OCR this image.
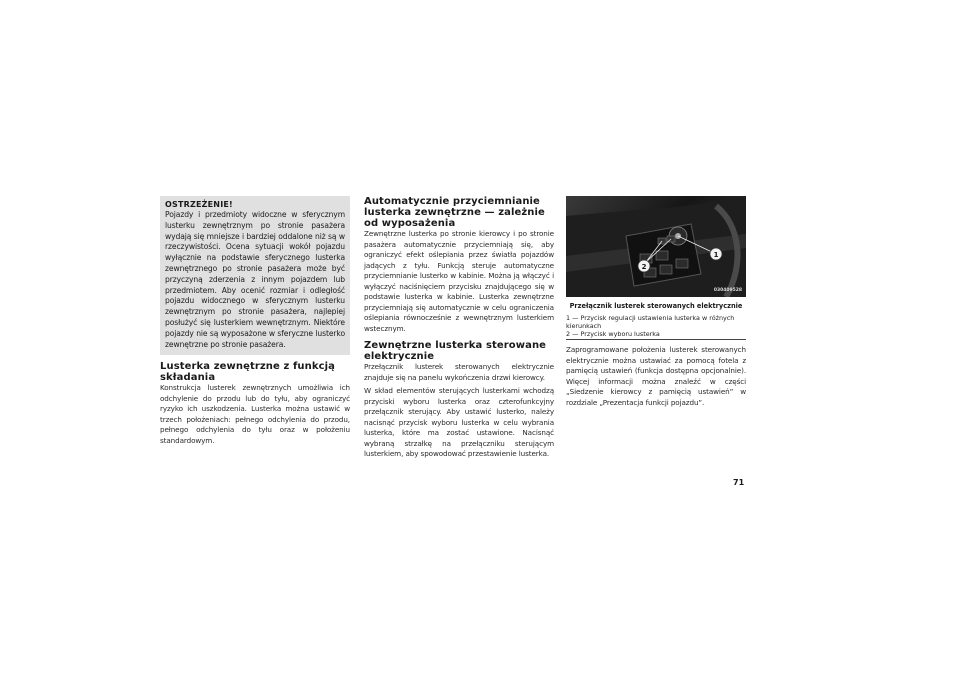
OSTRZEŻENIE!
Pojazdy i przedmioty widoczne w sferycznym lusterku zewnętrznym po stronie pasażera wydają się mniejsze i bardziej oddalone niż są w rzeczywistości. Ocena sytuacji wokół pojazdu wyłącznie na podstawie sferycznego lusterka zewnętrznego po stronie pasażera może być przyczyną zderzenia z innym pojazdem lub przedmiotem. Aby ocenić rozmiar i odległość pojazdu widocznego w sferycznym lusterku zewnętrznym po stronie pasażera, najlepiej posłużyć się lusterkiem wewnętrznym. Niektóre pojazdy nie są wyposażone w sferyczne lusterko zewnętrzne po stronie pasażera.
Lusterka zewnętrzne z funkcją składania

Konstrukcja lusterek zewnętrznych umożliwia ich odchylenie do przodu lub do tyłu, aby ograniczyć ryzyko ich uszkodzenia. Lusterka można ustawić w trzech położeniach: pełnego odchylenia do przodu, pełnego odchylenia do tyłu oraz w położeniu standardowym.

Automatycznie przyciemnianie lusterka zewnętrzne — zależnie od wyposażenia

Zewnętrzne lusterka po stronie kierowcy i po stronie pasażera automatycznie przyciemniają się, aby ograniczyć efekt oślepiania przez światła pojazdów jadących z tyłu. Funkcją steruje automatyczne przyciemnianie lusterko w kabinie. Można ją włączyć i wyłączyć naciśnięciem przycisku znajdującego się w podstawie lusterka w kabinie. Lusterka zewnętrzne przyciemniają się automatycznie w celu ograniczenia oślepiania równocześnie z wewnętrznym lusterkiem wstecznym.

Zewnętrzne lusterka sterowane elektrycznie

Przełącznik lusterek sterowanych elektrycznie znajduje się na panelu wykończenia drzwi kierowcy.

W skład elementów sterujących lusterkami wchodzą przyciski wyboru lusterka oraz czterofunkcyjny przełącznik sterujący. Aby ustawić lusterko, należy nacisnąć przycisk wyboru lusterka w celu wybrania lusterka, które ma zostać ustawione. Nacisnąć wybraną strzałkę na przełączniku sterującym lusterkiem, aby spowodować przestawienie lusterka.

1
2
030409528
Przełącznik lusterek sterowanych elektrycznie
1 — Przycisk regulacji ustawienia lusterka w różnych kierunkach
2 — Przycisk wyboru lusterka

Zaprogramowane położenia lusterek sterowanych elektrycznie można ustawiać za pomocą fotela z pamięcią ustawień (funkcja dostępna opcjonalnie). Więcej informacji można znaleźć w części „Siedzenie kierowcy z pamięcią ustawień” w rozdziale „Prezentacja funkcji pojazdu”.

71
